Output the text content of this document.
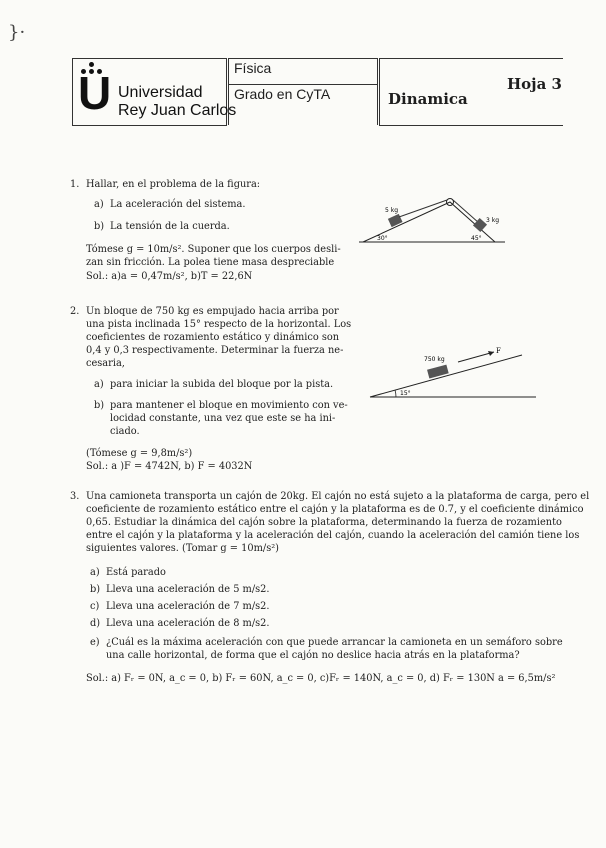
}·
U Universidad
Rey Juan Carlos
Física
Grado en CyTA	Dinamica
Hoja 3
1. Hallar, en el problema de la figura:
a) La aceleración del sistema.
b) La tensión de la cuerda.
Tómese g = 10m/s². Suponer que los cuerpos desli-
zan sin fricción. La polea tiene masa despreciable
Sol.: a)a = 0,47m/s², b)T = 22,6N
5 kg
3 kg
30°	45°
2. Un bloque de 750 kg es empujado hacia arriba por
una pista inclinada 15° respecto de la horizontal. Los
coeficientes de rozamiento estático y dinámico son
0,4 y 0,3 respectivamente. Determinar la fuerza ne-
cesaria,
a) para iniciar la subida del bloque por la pista.
b) para mantener el bloque en movimiento con ve-
locidad constante, una vez que este se ha ini-
ciado.
(Tómese g = 9,8m/s²)
Sol.: a )F = 4742N, b) F = 4032N
750 kg
F
15°
3. Una camioneta transporta un cajón de 20kg. El cajón no está sujeto a la plataforma de carga, pero el
coeficiente de rozamiento estático entre el cajón y la plataforma es de 0.7, y el coeficiente dinámico
0,65. Estudiar la dinámica del cajón sobre la plataforma, determinando la fuerza de rozamiento
entre el cajón y la plataforma y la aceleración del cajón, cuando la aceleración del camión tiene los
siguientes valores. (Tomar g = 10m/s²)
a) Está parado
b) Lleva una aceleración de 5 m/s2.
c) Lleva una aceleración de 7 m/s2.
d) Lleva una aceleración de 8 m/s2.
e) ¿Cuál es la máxima aceleración con que puede arrancar la camioneta en un semáforo sobre
una calle horizontal, de forma que el cajón no deslice hacia atrás en la plataforma?
Sol.: a) Fᵣ = 0N, a_c = 0, b) Fᵣ = 60N, a_c = 0, c)Fᵣ = 140N, a_c = 0, d) Fᵣ = 130N a = 6,5m/s²
